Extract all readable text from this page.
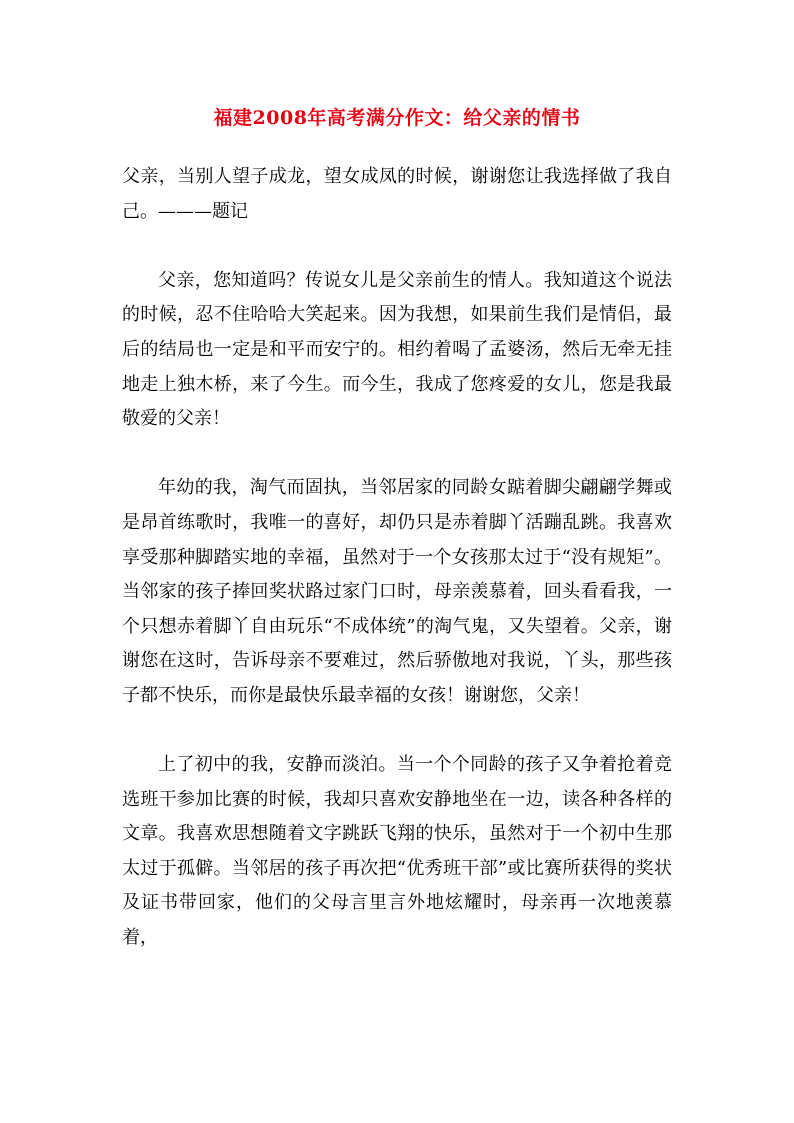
福建2008年高考满分作文：给父亲的情书

父亲，当别人望子成龙，望女成凤的时候，谢谢您让我选择做了我自己。———题记

父亲，您知道吗？传说女儿是父亲前生的情人。我知道这个说法的时候，忍不住哈哈大笑起来。因为我想，如果前生我们是情侣，最后的结局也一定是和平而安宁的。相约着喝了孟婆汤，然后无牵无挂地走上独木桥，来了今生。而今生，我成了您疼爱的女儿，您是我最敬爱的父亲！

年幼的我，淘气而固执，当邻居家的同龄女踮着脚尖翩翩学舞或是昂首练歌时，我唯一的喜好，却仍只是赤着脚丫活蹦乱跳。我喜欢享受那种脚踏实地的幸福，虽然对于一个女孩那太过于“没有规矩”。当邻家的孩子捧回奖状路过家门口时，母亲羡慕着，回头看看我，一个只想赤着脚丫自由玩乐“不成体统”的淘气鬼，又失望着。父亲，谢谢您在这时，告诉母亲不要难过，然后骄傲地对我说，丫头，那些孩子都不快乐，而你是最快乐最幸福的女孩！谢谢您，父亲！

上了初中的我，安静而淡泊。当一个个同龄的孩子又争着抢着竞选班干参加比赛的时候，我却只喜欢安静地坐在一边，读各种各样的文章。我喜欢思想随着文字跳跃飞翔的快乐，虽然对于一个初中生那太过于孤僻。当邻居的孩子再次把“优秀班干部”或比赛所获得的奖状及证书带回家，他们的父母言里言外地炫耀时，母亲再一次地羡慕着，
